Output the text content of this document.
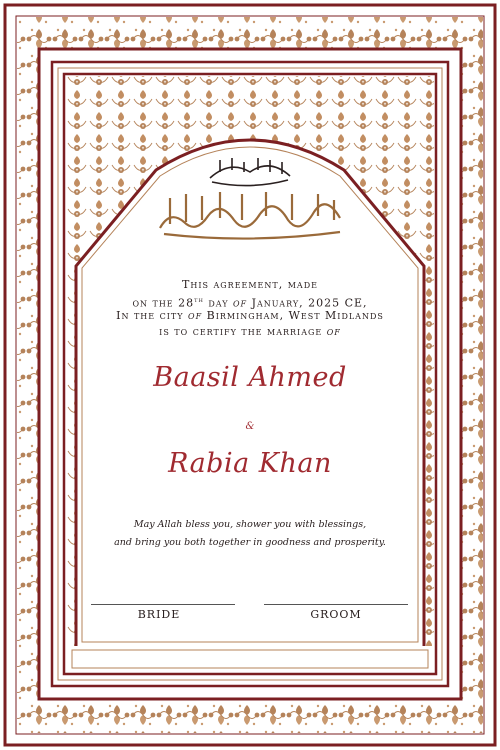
This agreement, made
on the 28th day of January, 2025 CE,
In the city of Birmingham, West Midlands
is to certify the marriage of
Baasil Ahmed
&
Rabia Khan
May Allah bless you, shower you with blessings,
and bring you both together in goodness and prosperity.
BRIDE	GROOM
